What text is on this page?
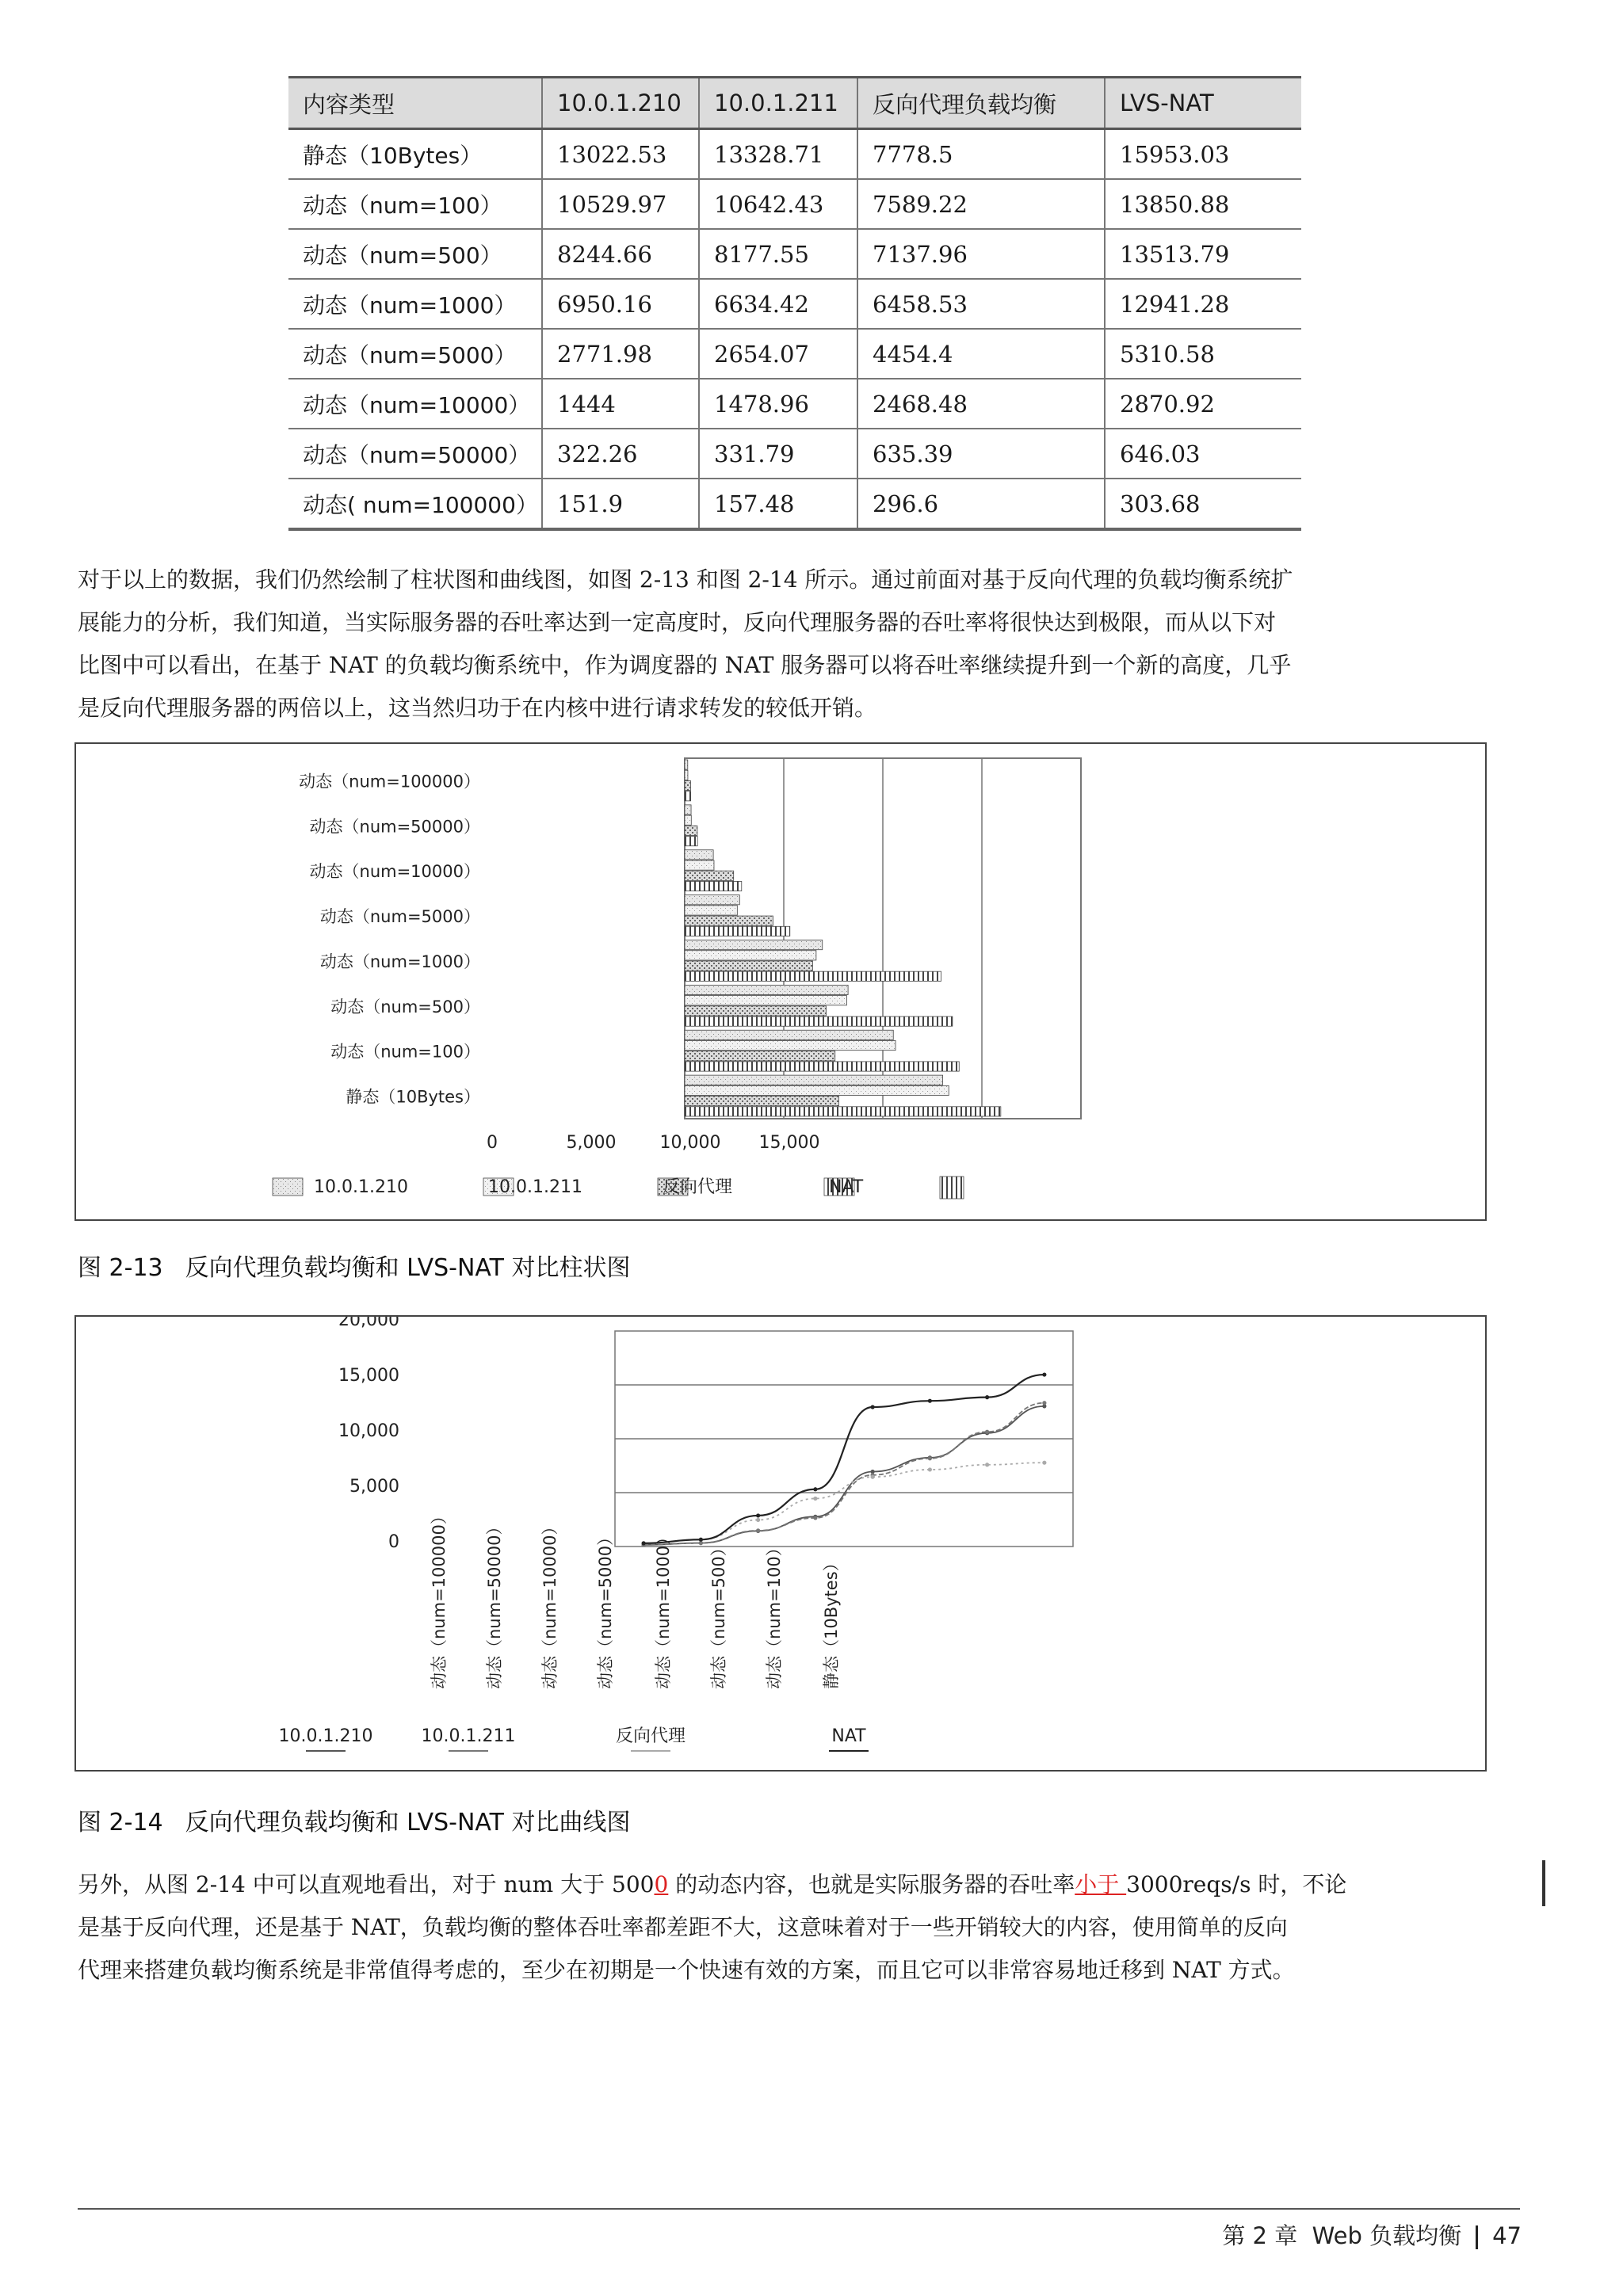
内容类型	10.0.1.210	10.0.1.211	反向代理负载均衡	LVS-NAT
静态（10Bytes）	13022.53	13328.71	7778.5	15953.03
动态（num=100）	10529.97	10642.43	7589.22	13850.88
动态（num=500）	8244.66	8177.55	7137.96	13513.79
动态（num=1000）	6950.16	6634.42	6458.53	12941.28
动态（num=5000）	2771.98	2654.07	4454.4	5310.58
动态（num=10000）	1444	1478.96	2468.48	2870.92
动态（num=50000）	322.26	331.79	635.39	646.03
动态( num=100000）	151.9	157.48	296.6	303.68
对于以上的数据，我们仍然绘制了柱状图和曲线图，如图 2-13 和图 2-14 所示。通过前面对基于反向代理的负载均衡系统扩
展能力的分析，我们知道，当实际服务器的吞吐率达到一定高度时，反向代理服务器的吞吐率将很快达到极限，而从以下对
比图中可以看出，在基于 NAT 的负载均衡系统中，作为调度器的 NAT 服务器可以将吞吐率继续提升到一个新的高度，几乎
是反向代理服务器的两倍以上，这当然归功于在内核中进行请求转发的较低开销。
0	5,000	10,000 15,000
静态（10Bytes）
动态（num=100）
动态（num=500）
动态（num=1000）
动态（num=5000）
动态（num=10000）
动态（num=50000）
动态（num=100000）
10.0.1.210	10.0.1.211	反向代理	NAT
图 2-13 反向代理负载均衡和 LVS-NAT 对比柱状图
20,000
15,000
10,000
5,000
0 动态（num=100000） 动态（num=50000） 动态（num=10000） 动态（num=5000） 动态（num=1000） 动态（num=500） 动态（num=100） 静态（10Bytes）
10.0.1.210	10.0.1.211	反向代理	NAT
图 2-14 反向代理负载均衡和 LVS-NAT 对比曲线图
另外，从图 2-14 中可以直观地看出，对于 num 大于 5000 的动态内容，也就是实际服务器的吞吐率小于 3000reqs/s 时，不论
是基于反向代理，还是基于 NAT，负载均衡的整体吞吐率都差距不大，这意味着对于一些开销较大的内容，使用简单的反向
代理来搭建负载均衡系统是非常值得考虑的，至少在初期是一个快速有效的方案，而且它可以非常容易地迁移到 NAT 方式。
第 2 章 Web 负载均衡 47
